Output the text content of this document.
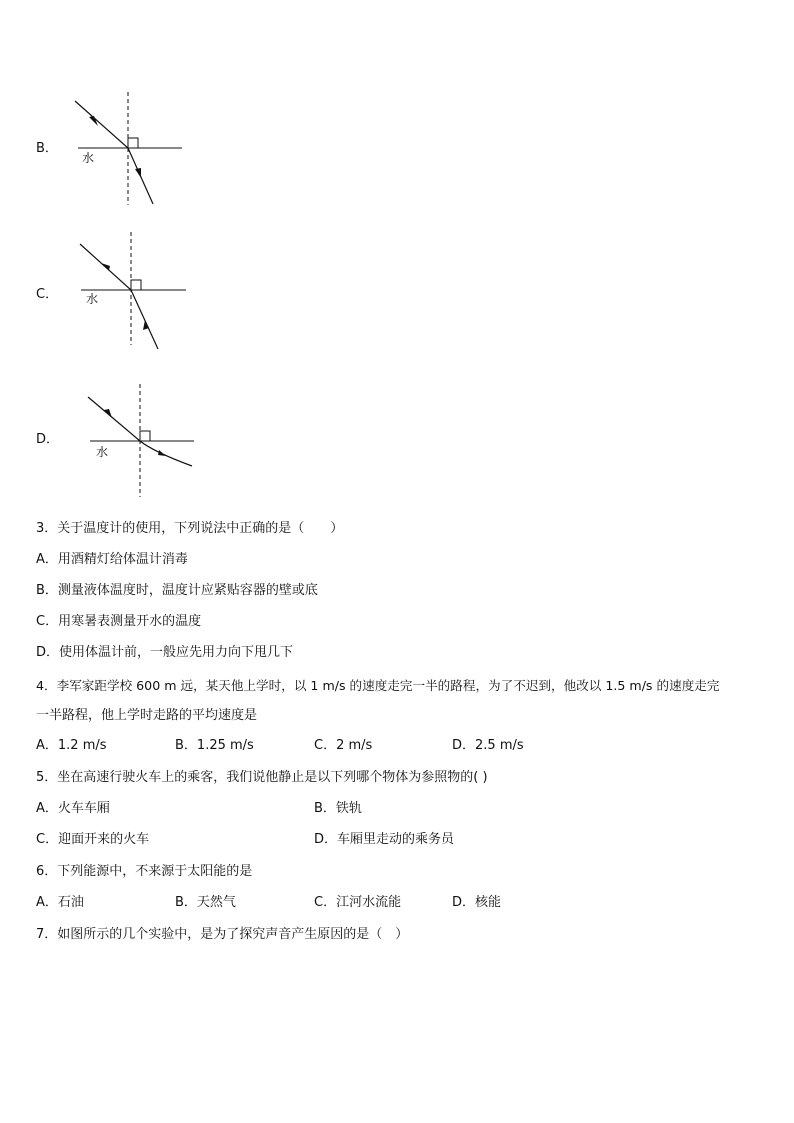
B．
水
C． 水
D．
水
3．关于温度计的使用，下列说法中正确的是（　　）
A．用酒精灯给体温计消毒
B．测量液体温度时，温度计应紧贴容器的壁或底
C．用寒暑表测量开水的温度
D．使用体温计前，一般应先用力向下甩几下
4．李军家距学校 600 m 远，某天他上学时，以 1 m/s 的速度走完一半的路程，为了不迟到，他改以 1.5 m/s 的速度走完
一半路程，他上学时走路的平均速度是
A．1.2 m/s	B．1.25 m/s	C．2 m/s	D．2.5 m/s
5．坐在高速行驶火车上的乘客，我们说他静止是以下列哪个物体为参照物的( )
A．火车车厢	B．铁轨
C．迎面开来的火车	D．车厢里走动的乘务员
6．下列能源中，不来源于太阳能的是
A．石油	B．天然气	C．江河水流能	D．核能
7．如图所示的几个实验中，是为了探究声音产生原因的是（　）
